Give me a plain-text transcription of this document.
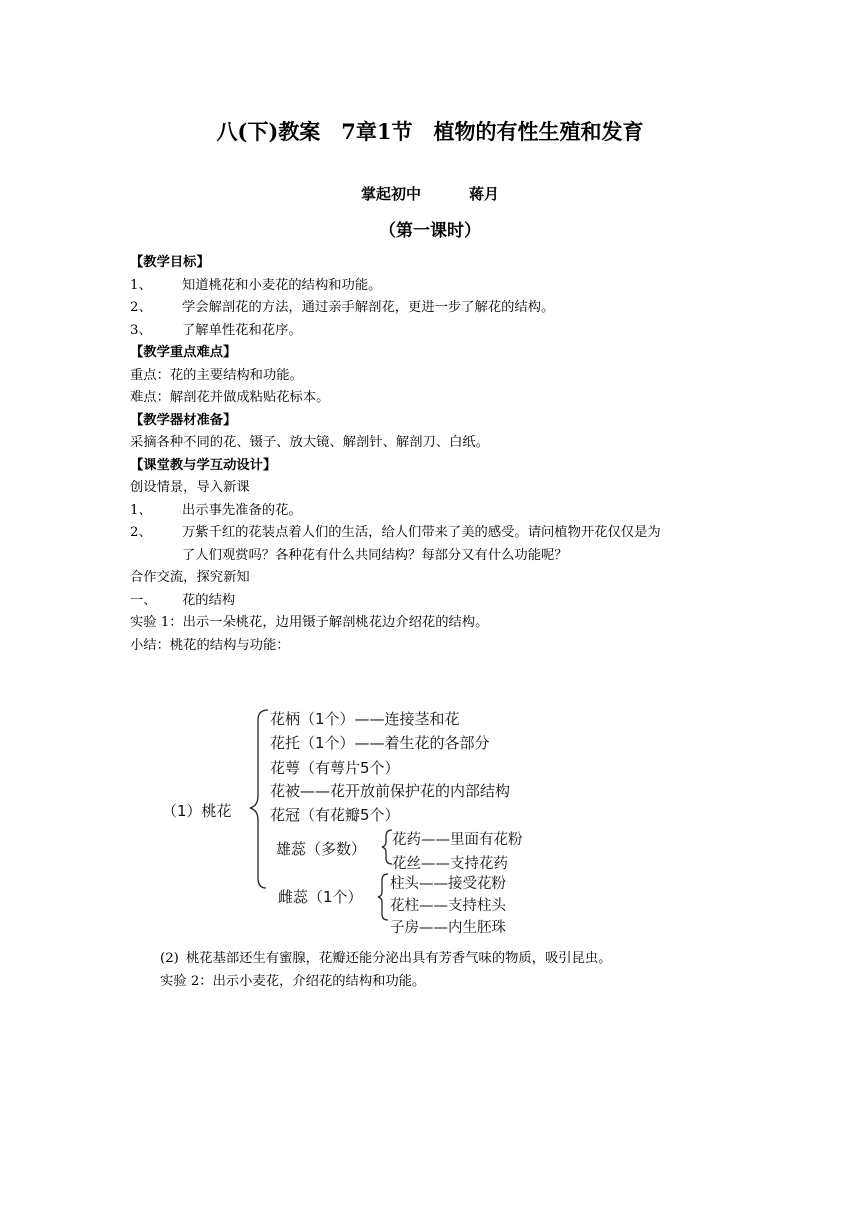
八(下)教案　7章1节　植物的有性生殖和发育
掌起初中	蒋月
（第一课时）
【教学目标】
1、 知道桃花和小麦花的结构和功能。
2、 学会解剖花的方法，通过亲手解剖花，更进一步了解花的结构。
3、 了解单性花和花序。
【教学重点难点】
重点：花的主要结构和功能。
难点：解剖花并做成粘贴花标本。
【教学器材准备】
采摘各种不同的花、镊子、放大镜、解剖针、解剖刀、白纸。
【课堂教与学互动设计】
创设情景，导入新课
1、 出示事先准备的花。
2、 万紫千红的花装点着人们的生活，给人们带来了美的感受。请问植物开花仅仅是为
了人们观赏吗？各种花有什么共同结构？每部分又有什么功能呢？
合作交流，探究新知
一、 花的结构
实验 1：出示一朵桃花，边用镊子解剖桃花边介绍花的结构。
小结：桃花的结构与功能：
（1）桃花
花柄（1个）——连接茎和花
花托（1个）——着生花的各部分
花萼（有萼片5个）
花被——花开放前保护花的内部结构
花冠（有花瓣5个）
雄蕊（多数） 花药——里面有花粉
花丝——支持花药
雌蕊（1个）
柱头——接受花粉
花柱——支持柱头
子房——内生胚珠
(2) 桃花基部还生有蜜腺，花瓣还能分泌出具有芳香气味的物质，吸引昆虫。
实验 2：出示小麦花，介绍花的结构和功能。
